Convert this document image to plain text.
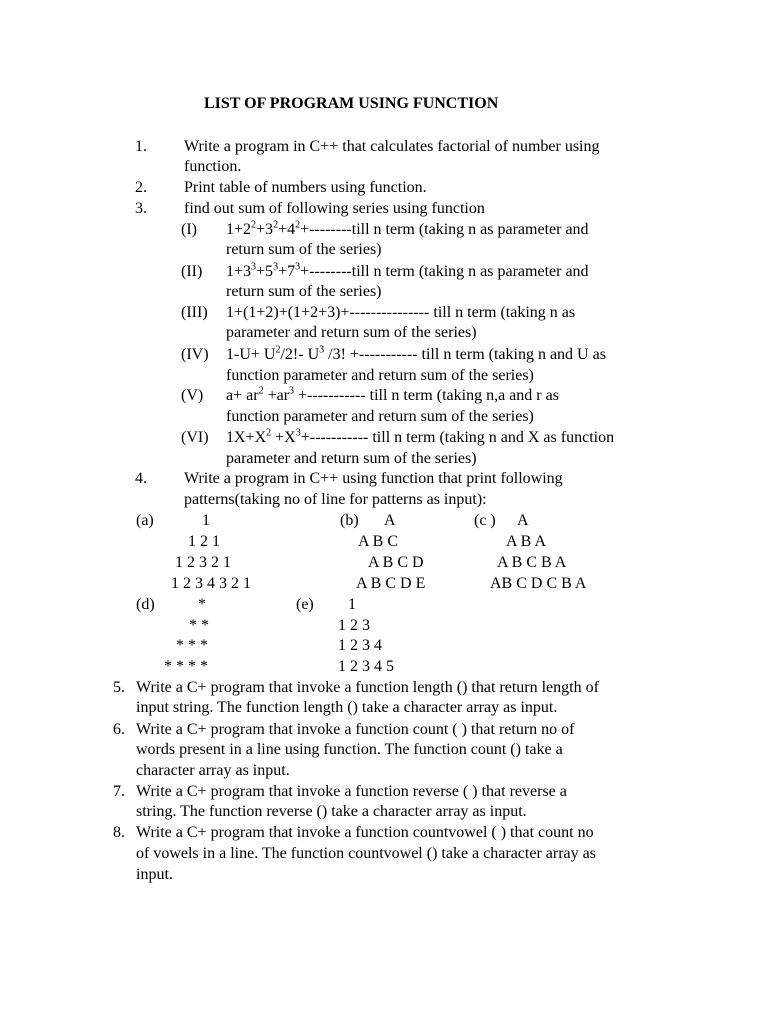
LIST OF PROGRAM USING FUNCTION
1. Write a program in C++ that calculates factorial of number using
function.
2. Print table of numbers using function.
3. find out sum of following series using function
(I) $1+2^2+3^2+4^2+-------$-till n term (taking n as parameter and
return sum of the series)
(II) $1+3^3+5^3+7^3+-------$-till n term (taking n as parameter and
return sum of the series)
(III) 1+(1+2)+(1+2+3)+--------------- till n term (taking n as
parameter and return sum of the series)
(IV) $1-U+ U^2/2!-$ $U^3$ /3! +----------- till n term (taking n and U as
function parameter and return sum of the series)
(V) $a+ ar^2 +ar^3$ +----------- till n term (taking n,a and r as
function parameter and return sum of the series)
(VI) $1X+X^2 +X^3+-----------$ till n term (taking n and X as function
parameter and return sum of the series)
4. Write a program in C++ using function that print following
patterns(taking no of line for patterns as input):
(a)	1
1 2 1
1 2 3 2 1
1 2 3 4 3 2 1
(b) A
A B C
A B C D
A B C D E
(c ) A
A B A
A B C B A
AB C D C B A
(d)	*
* *
* * *
* * * *
(e) 1
1 2 3
1 2 3 4
1 2 3 4 5
5. Write a C+ program that invoke a function length () that return length of
input string. The function length () take a character array as input.
6. Write a C+ program that invoke a function count ( ) that return no of
words present in a line using function. The function count () take a
character array as input.
7. Write a C+ program that invoke a function reverse ( ) that reverse a
string. The function reverse () take a character array as input.
8. Write a C+ program that invoke a function countvowel ( ) that count no
of vowels in a line. The function countvowel () take a character array as
input.
